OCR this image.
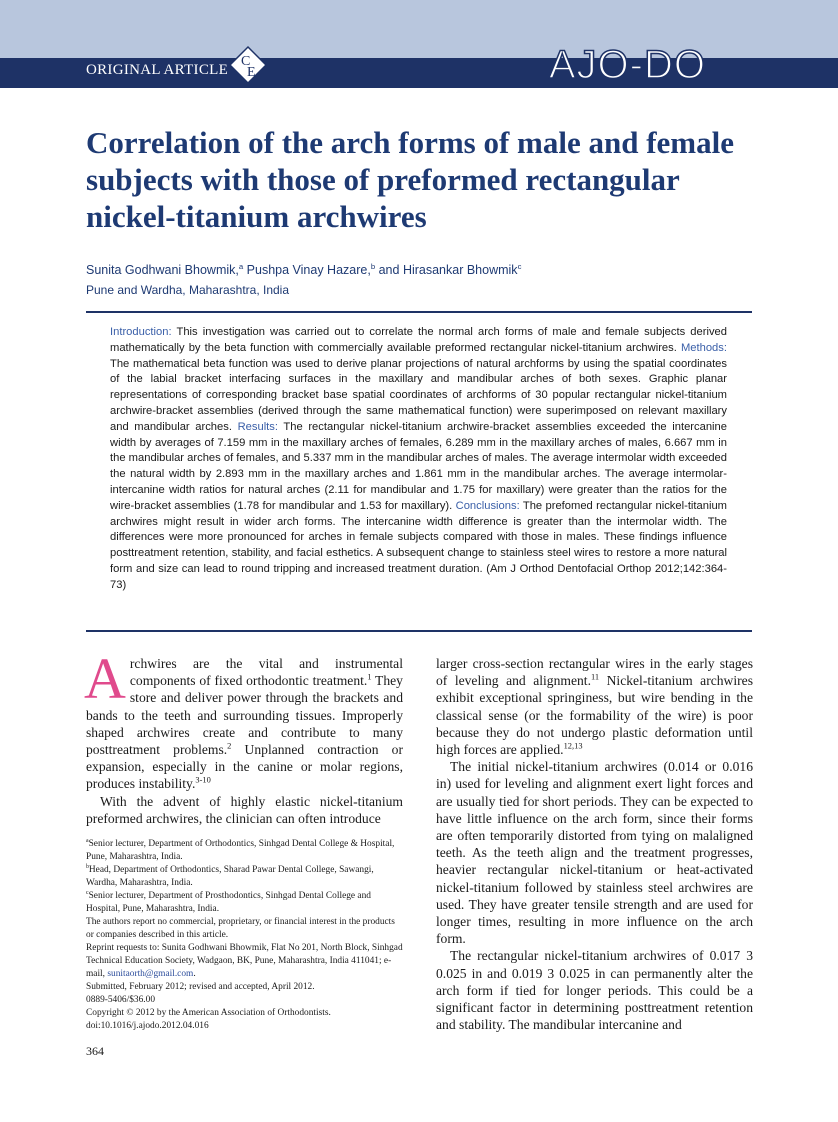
ORIGINAL ARTICLE
C
E	AJO-DO
Correlation of the arch forms of male and female subjects with those of preformed rectangular nickel-titanium archwires
Sunita Godhwani Bhowmik,$^a$ Pushpa Vinay Hazare,$^b$ and Hirasankar Bhowmik$^c$
Pune and Wardha, Maharashtra, India
Introduction: This investigation was carried out to correlate the normal arch forms of male and female subjects derived mathematically by the beta function with commercially available preformed rectangular nickel-titanium archwires. Methods: The mathematical beta function was used to derive planar projections of natural archforms by using the spatial coordinates of the labial bracket interfacing surfaces in the maxillary and mandibular arches of both sexes. Graphic planar representations of corresponding bracket base spatial coordinates of archforms of 30 popular rectangular nickel-titanium archwire-bracket assemblies (derived through the same mathematical function) were superimposed on relevant maxillary and mandibular arches. Results: The rectangular nickel-titanium archwire-bracket assemblies exceeded the intercanine width by averages of 7.159 mm in the maxillary arches of females, 6.289 mm in the maxillary arches of males, 6.667 mm in the mandibular arches of females, and 5.337 mm in the mandibular arches of males. The average intermolar width exceeded the natural width by 2.893 mm in the maxillary arches and 1.861 mm in the mandibular arches. The average intermolar-intercanine width ratios for natural arches (2.11 for mandibular and 1.75 for maxillary) were greater than the ratios for the wire-bracket assemblies (1.78 for mandibular and 1.53 for maxillary). Conclusions: The prefomed rectangular nickel-titanium archwires might result in wider arch forms. The intercanine width difference is greater than the intermolar width. The differences were more pronounced for arches in female subjects compared with those in males. These findings influence posttreatment retention, stability, and facial esthetics. A subsequent change to stainless steel wires to restore a more natural form and size can lead to round tripping and increased treatment duration. (Am J Orthod Dentofacial Orthop 2012;142:364-73)

Archwires are the vital and instrumental components of fixed orthodontic treatment.$^1$ They store and deliver power through the brackets and bands to the teeth and surrounding tissues. Improperly shaped archwires create and contribute to many posttreatment problems.$^2$ Unplanned contraction or expansion, especially in the canine or molar regions, produces instability.$^{3-10}$

With the advent of highly elastic nickel-titanium preformed archwires, the clinician can often introduce

$^a$Senior lecturer, Department of Orthodontics, Sinhgad Dental College & Hospital, Pune, Maharashtra, India.

$^b$Head, Department of Orthodontics, Sharad Pawar Dental College, Sawangi, Wardha, Maharashtra, India.

$^c$Senior lecturer, Department of Prosthodontics, Sinhgad Dental College and Hospital, Pune, Maharashtra, India.

The authors report no commercial, proprietary, or financial interest in the products or companies described in this article.

Reprint requests to: Sunita Godhwani Bhowmik, Flat No 201, North Block, Sinhgad Technical Education Society, Wadgaon, BK, Pune, Maharashtra, India 411041; e-mail, sunitaorth@gmail.com.

Submitted, February 2012; revised and accepted, April 2012.

0889-5406/$36.00

Copyright © 2012 by the American Association of Orthodontists.

doi:10.1016/j.ajodo.2012.04.016

larger cross-section rectangular wires in the early stages of leveling and alignment.$^{11}$ Nickel-titanium archwires exhibit exceptional springiness, but wire bending in the classical sense (or the formability of the wire) is poor because they do not undergo plastic deformation until high forces are applied.$^{12,13}$

The initial nickel-titanium archwires (0.014 or 0.016 in) used for leveling and alignment exert light forces and are usually tied for short periods. They can be expected to have little influence on the arch form, since their forms are often temporarily distorted from tying on malaligned teeth. As the teeth align and the treatment progresses, heavier rectangular nickel-titanium or heat-activated nickel-titanium followed by stainless steel archwires are used. They have greater tensile strength and are used for longer times, resulting in more influence on the arch form.

The rectangular nickel-titanium archwires of 0.017 3 0.025 in and 0.019 3 0.025 in can permanently alter the arch form if tied for longer periods. This could be a significant factor in determining posttreatment retention and stability. The mandibular intercanine and

364
